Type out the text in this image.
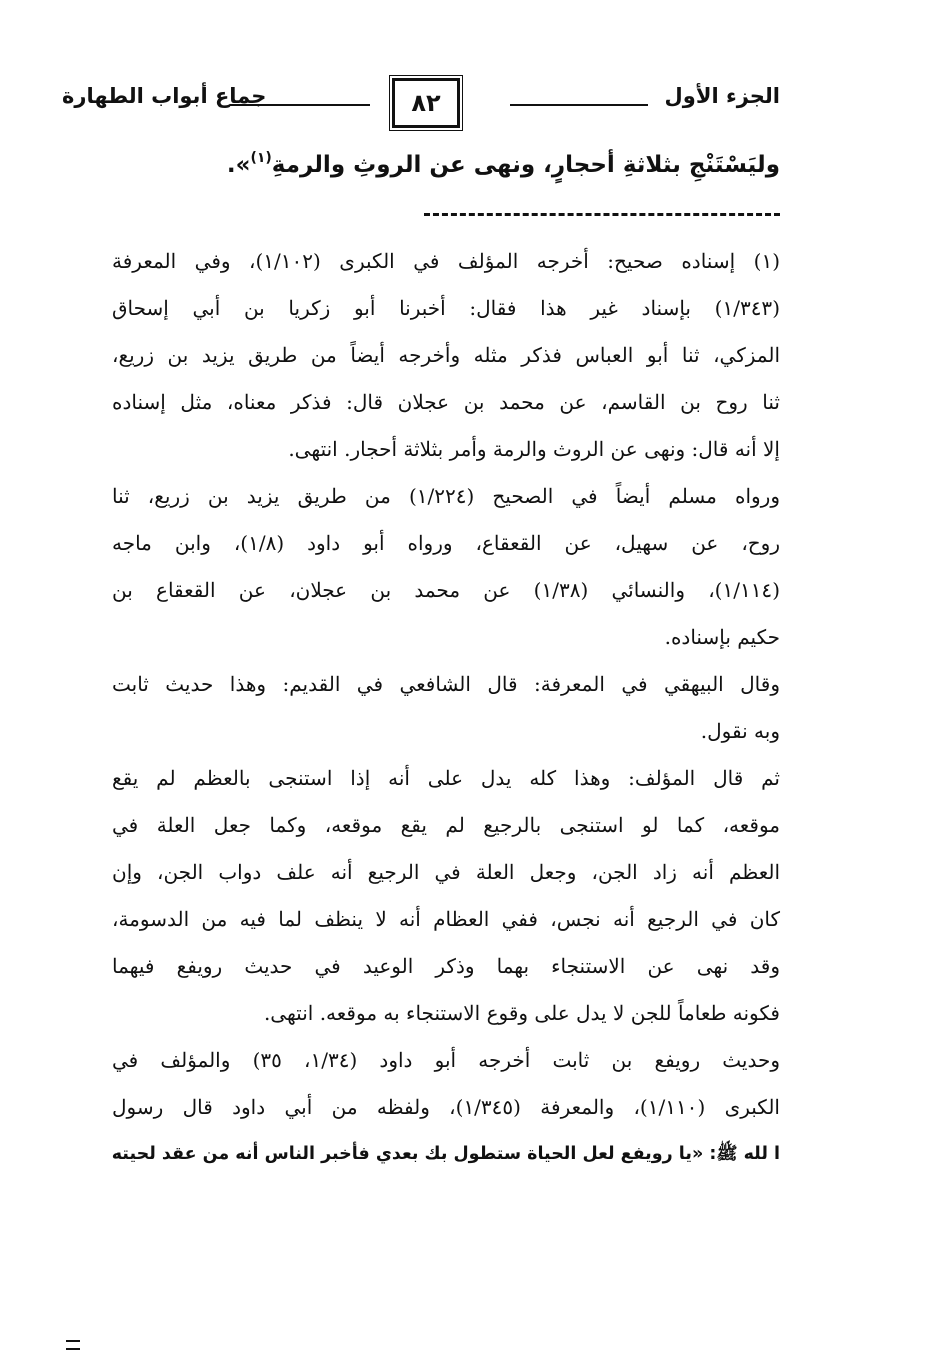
الجزء الأول
٨٢
جماع أبواب الطهارة
وليَسْتَنْجِ بثلاثةِ أحجارٍ، ونهى عن الروثِ والرمةِ$^{(١)}$».
(١) إسناده صحيح: أخرجه المؤلف في الكبرى (١/١٠٢)، وفي المعرفة
(١/٣٤٣) بإسناد غير هذا فقال: أخبرنا أبو زكريا بن أبي إسحاق
المزكي، ثنا أبو العباس فذكر مثله وأخرجه أيضاً من طريق يزيد بن زريع،
ثنا روح بن القاسم، عن محمد بن عجلان قال: فذكر معناه، مثل إسناده
إلا أنه قال: ونهى عن الروث والرمة وأمر بثلاثة أحجار. انتهى.
ورواه مسلم أيضاً في الصحيح (١/٢٢٤) من طريق يزيد بن زريع، ثنا
روح، عن سهيل، عن القعقاع، ورواه أبو داود (١/٨)، وابن ماجه
(١/١١٤)، والنسائي (١/٣٨) عن محمد بن عجلان، عن القعقاع بن
حكيم بإسناده.
وقال البيهقي في المعرفة: قال الشافعي في القديم: وهذا حديث ثابت
وبه نقول.
ثم قال المؤلف: وهذا كله يدل على أنه إذا استنجى بالعظم لم يقع
موقعه، كما لو استنجى بالرجيع لم يقع موقعه، وكما جعل العلة في
العظم أنه زاد الجن، وجعل العلة في الرجيع أنه علف دواب الجن، وإن
كان في الرجيع أنه نجس، ففي العظام أنه لا ينظف لما فيه من الدسومة،
وقد نهى عن الاستنجاء بهما وذكر الوعيد في حديث رويفع فيهما
فكونه طعاماً للجن لا يدل على وقوع الاستنجاء به موقعه. انتهى.
وحديث رويفع بن ثابت أخرجه أبو داود (١/٣٤، ٣٥) والمؤلف في
الكبرى (١/١١٠)، والمعرفة (١/٣٤٥)، ولفظه من أبي داود قال رسول
ا لله ﷺ: «يا رويفع لعل الحياة ستطول بك بعدي فأخبر الناس أنه من عقد لحيته
